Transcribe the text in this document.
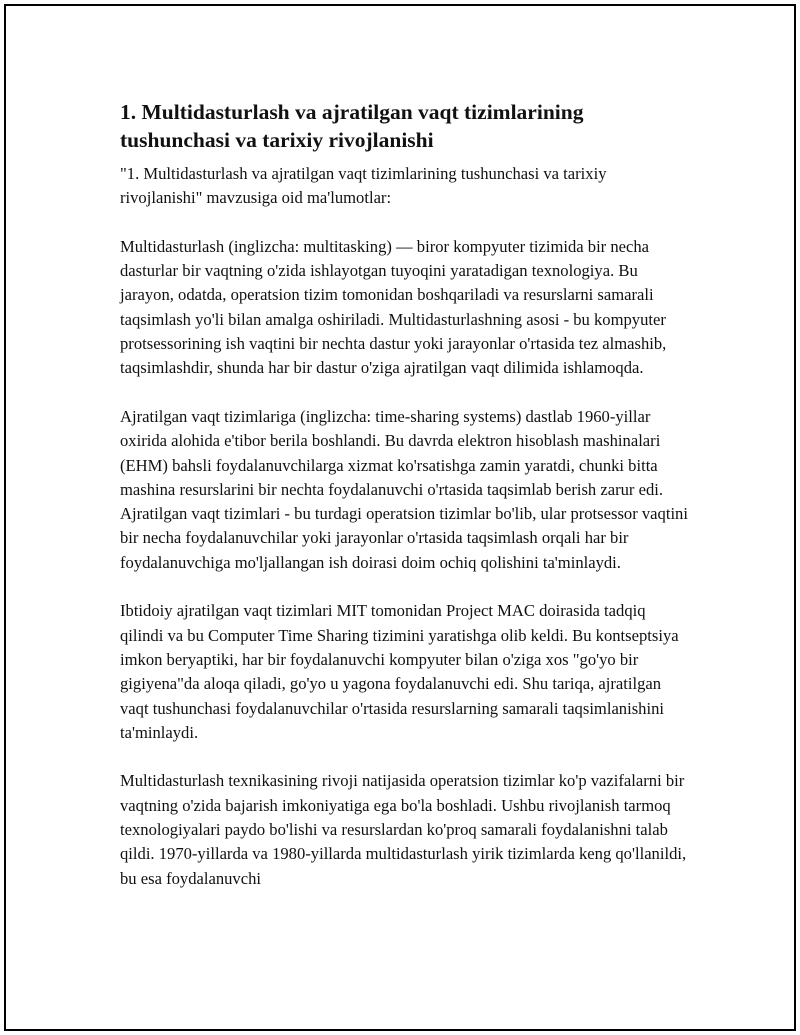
1. Multidasturlash va ajratilgan vaqt tizimlarining tushunchasi va tarixiy rivojlanishi

"1. Multidasturlash va ajratilgan vaqt tizimlarining tushunchasi va tarixiy rivojlanishi" mavzusiga oid ma'lumotlar:

Multidasturlash (inglizcha: multitasking) — biror kompyuter tizimida bir necha dasturlar bir vaqtning o'zida ishlayotgan tuyoqini yaratadigan texnologiya. Bu jarayon, odatda, operatsion tizim tomonidan boshqariladi va resurslarni samarali taqsimlash yo'li bilan amalga oshiriladi. Multidasturlashning asosi - bu kompyuter protsessorining ish vaqtini bir nechta dastur yoki jarayonlar o'rtasida tez almashib, taqsimlashdir, shunda har bir dastur o'ziga ajratilgan vaqt dilimida ishlamoqda.

Ajratilgan vaqt tizimlariga (inglizcha: time-sharing systems) dastlab 1960-yillar oxirida alohida e'tibor berila boshlandi. Bu davrda elektron hisoblash mashinalari (EHM) bahsli foydalanuvchilarga xizmat ko'rsatishga zamin yaratdi, chunki bitta mashina resurslarini bir nechta foydalanuvchi o'rtasida taqsimlab berish zarur edi. Ajratilgan vaqt tizimlari - bu turdagi operatsion tizimlar bo'lib, ular protsessor vaqtini bir necha foydalanuvchilar yoki jarayonlar o'rtasida taqsimlash orqali har bir foydalanuvchiga mo'ljallangan ish doirasi doim ochiq qolishini ta'minlaydi.

Ibtidoiy ajratilgan vaqt tizimlari MIT tomonidan Project MAC doirasida tadqiq qilindi va bu Computer Time Sharing tizimini yaratishga olib keldi. Bu kontseptsiya imkon beryaptiki, har bir foydalanuvchi kompyuter bilan o'ziga xos "go'yo bir gigiyena"da aloqa qiladi, go'yo u yagona foydalanuvchi edi. Shu tariqa, ajratilgan vaqt tushunchasi foydalanuvchilar o'rtasida resurslarning samarali taqsimlanishini ta'minlaydi.

Multidasturlash texnikasining rivoji natijasida operatsion tizimlar ko'p vazifalarni bir vaqtning o'zida bajarish imkoniyatiga ega bo'la boshladi. Ushbu rivojlanish tarmoq texnologiyalari paydo bo'lishi va resurslardan ko'proq samarali foydalanishni talab qildi. 1970-yillarda va 1980-yillarda multidasturlash yirik tizimlarda keng qo'llanildi, bu esa foydalanuvchi
